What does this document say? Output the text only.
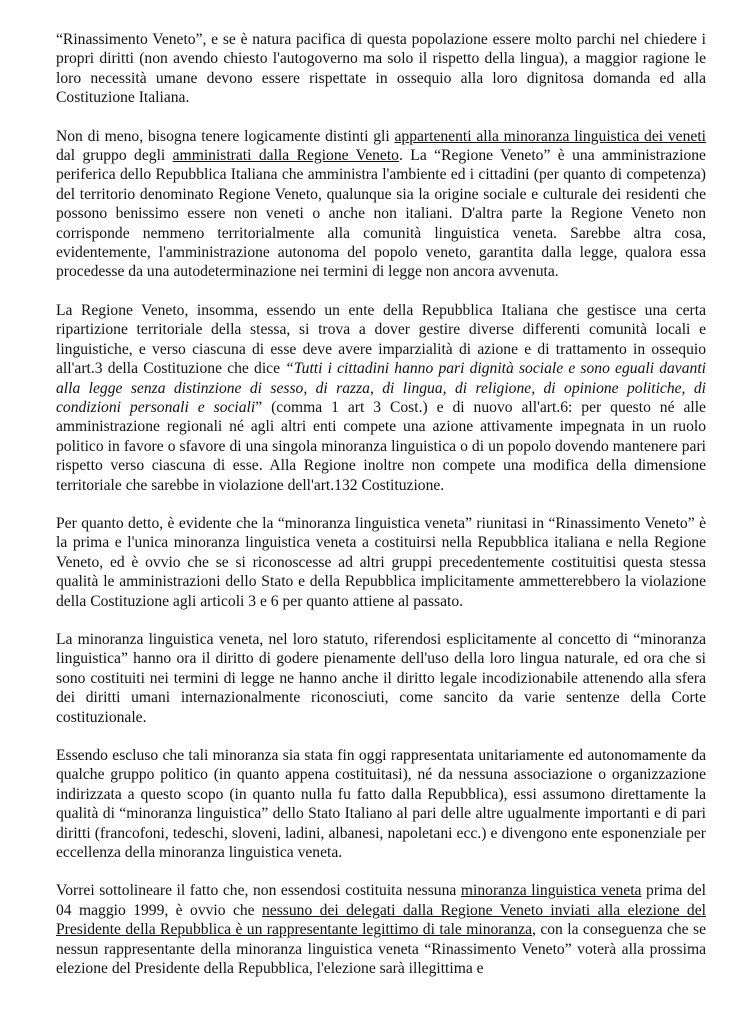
“Rinassimento Veneto”, e se è natura pacifica di questa popolazione essere molto parchi nel chiedere i propri diritti (non avendo chiesto l'autogoverno ma solo il rispetto della lingua), a maggior ragione le loro necessità umane devono essere rispettate in ossequio alla loro dignitosa domanda ed alla Costituzione Italiana.

Non di meno, bisogna tenere logicamente distinti gli appartenenti alla minoranza linguistica dei veneti dal gruppo degli amministrati dalla Regione Veneto. La “Regione Veneto” è una amministrazione periferica dello Repubblica Italiana che amministra l'ambiente ed i cittadini (per quanto di competenza) del territorio denominato Regione Veneto, qualunque sia la origine sociale e culturale dei residenti che possono benissimo essere non veneti o anche non italiani. D'altra parte la Regione Veneto non corrisponde nemmeno territorialmente alla comunità linguistica veneta. Sarebbe altra cosa, evidentemente, l'amministrazione autonoma del popolo veneto, garantita dalla legge, qualora essa procedesse da una autodeterminazione nei termini di legge non ancora avvenuta.

La Regione Veneto, insomma, essendo un ente della Repubblica Italiana che gestisce una certa ripartizione territoriale della stessa, si trova a dover gestire diverse differenti comunità locali e linguistiche, e verso ciascuna di esse deve avere imparzialità di azione e di trattamento in ossequio all'art.3 della Costituzione che dice “Tutti i cittadini hanno pari dignità sociale e sono eguali davanti alla legge senza distinzione di sesso, di razza, di lingua, di religione, di opinione politiche, di condizioni personali e sociali” (comma 1 art 3 Cost.) e di nuovo all'art.6: per questo né alle amministrazione regionali né agli altri enti compete una azione attivamente impegnata in un ruolo politico in favore o sfavore di una singola minoranza linguistica o di un popolo dovendo mantenere pari rispetto verso ciascuna di esse. Alla Regione inoltre non compete una modifica della dimensione territoriale che sarebbe in violazione dell'art.132 Costituzione.

Per quanto detto, è evidente che la “minoranza linguistica veneta” riunitasi in “Rinassimento Veneto” è la prima e l'unica minoranza linguistica veneta a costituirsi nella Repubblica italiana e nella Regione Veneto, ed è ovvio che se si riconoscesse ad altri gruppi precedentemente costituitisi questa stessa qualità le amministrazioni dello Stato e della Repubblica implicitamente ammetterebbero la violazione della Costituzione agli articoli 3 e 6 per quanto attiene al passato.

La minoranza linguistica veneta, nel loro statuto, riferendosi esplicitamente al concetto di “minoranza linguistica” hanno ora il diritto di godere pienamente dell'uso della loro lingua naturale, ed ora che si sono costituiti nei termini di legge ne hanno anche il diritto legale incodizionabile attenendo alla sfera dei diritti umani internazionalmente riconosciuti, come sancito da varie sentenze della Corte costituzionale.

Essendo escluso che tali minoranza sia stata fin oggi rappresentata unitariamente ed autonomamente da qualche gruppo politico (in quanto appena costituitasi), né da nessuna associazione o organizzazione indirizzata a questo scopo (in quanto nulla fu fatto dalla Repubblica), essi assumono direttamente la qualità di “minoranza linguistica” dello Stato Italiano al pari delle altre ugualmente importanti e di pari diritti (francofoni, tedeschi, sloveni, ladini, albanesi, napoletani ecc.) e divengono ente esponenziale per eccellenza della minoranza linguistica veneta.

Vorrei sottolineare il fatto che, non essendosi costituita nessuna minoranza linguistica veneta prima del 04 maggio 1999, è ovvio che nessuno dei delegati dalla Regione Veneto inviati alla elezione del Presidente della Repubblica è un rappresentante legittimo di tale minoranza, con la conseguenza che se nessun rappresentante della minoranza linguistica veneta “Rinassimento Veneto” voterà alla prossima elezione del Presidente della Repubblica, l'elezione sarà illegittima e
